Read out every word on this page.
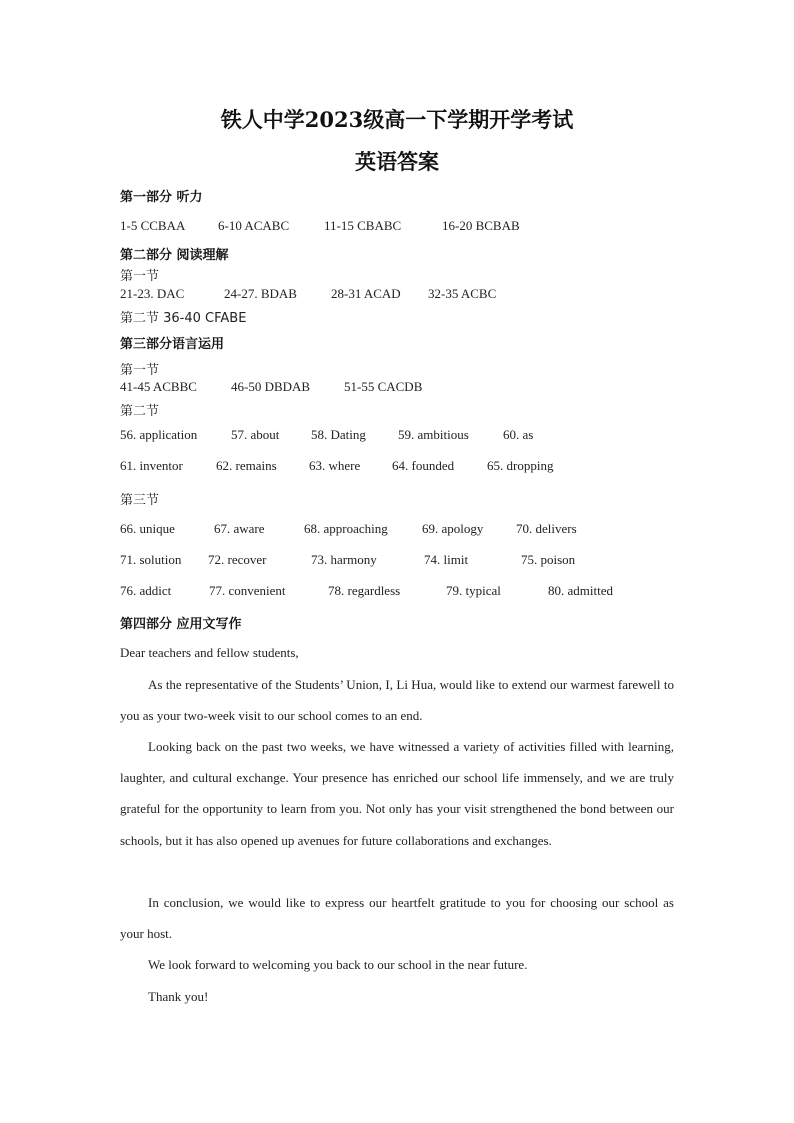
铁人中学2023级高一下学期开学考试
英语答案
第一部分 听力
1-5 CCBAA	6-10 ACABC	11-15 CBABC	16-20 BCBAB
第二部分 阅读理解
第一节
21-23. DAC	24-27. BDAB	28-31 ACAD 32-35 ACBC
第二节 36-40 CFABE
第三部分语言运用
第一节
41-45 ACBBC	46-50 DBDAB	51-55 CACDB
第二节
56. application	57. about 58. Dating 59. ambitious	60. as
61. inventor	62. remains 63. where 64. founded	65. dropping
第三节
66. unique	67. aware	68. approaching	69. apology	70. delivers
71. solution 72. recover	73. harmony	74. limit	75. poison
76. addict	77. convenient	78. regardless	79. typical	80. admitted
第四部分 应用文写作
Dear teachers and fellow students,
As the representative of the Students’ Union, I, Li Hua, would like to extend our warmest farewell to you as your two-week visit to our school comes to an end.
Looking back on the past two weeks, we have witnessed a variety of activities filled with learning, laughter, and cultural exchange. Your presence has enriched our school life immensely, and we are truly grateful for the opportunity to learn from you. Not only has your visit strengthened the bond between our schools, but it has also opened up avenues for future collaborations and exchanges.
In conclusion, we would like to express our heartfelt gratitude to you for choosing our school as your host.
We look forward to welcoming you back to our school in the near future.
Thank you!
